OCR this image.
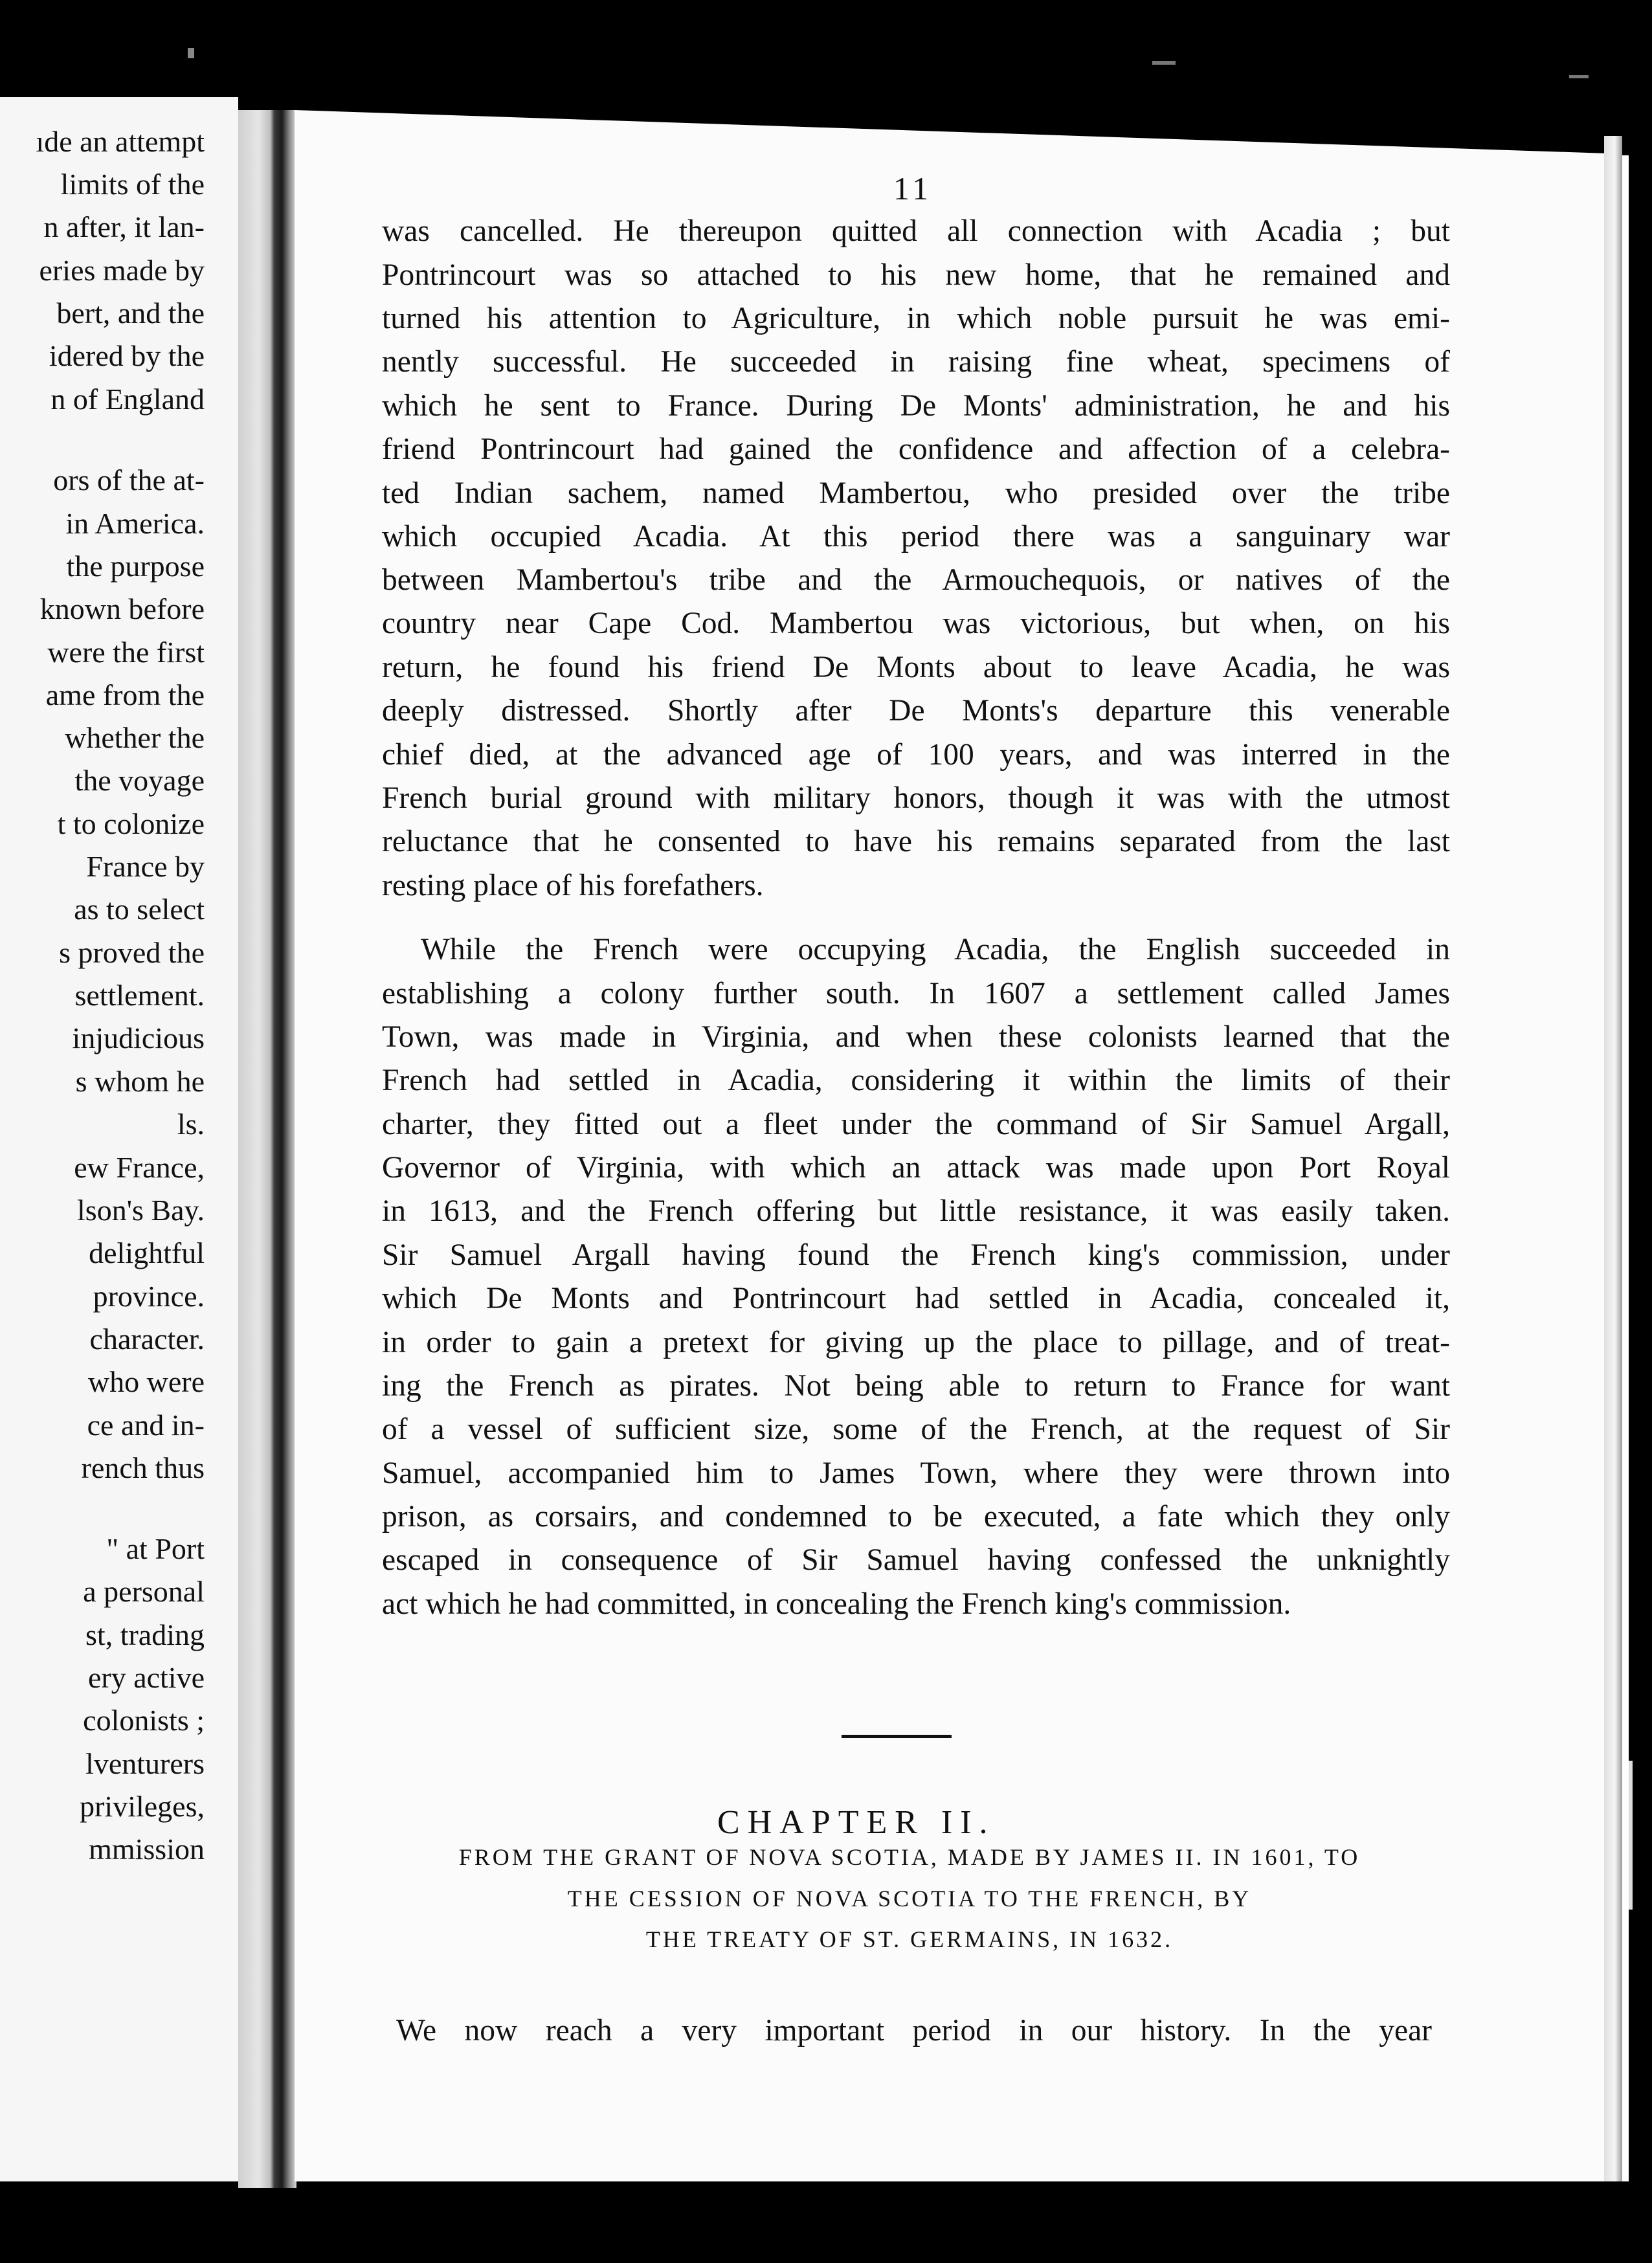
ıde an attempt
limits of the
n after, it lan-
eries made by
bert, and the
idered by the
n of England
ors of the at-
in America.
the purpose
known before
were the first
ame from the
whether the
the voyage
t to colonize
France by
as to select
s proved the
settlement.
injudicious
s whom he
ls.
ew France,
lson's Bay.
delightful
province.
character.
who were
ce and in-
rench thus
" at Port
a personal
st, trading
ery active
colonists ;
lventurers
privileges,
mmission
11
was cancelled. He thereupon quitted all connection with Acadia ; but
Pontrincourt was so attached to his new home, that he remained and
turned his attention to Agriculture, in which noble pursuit he was emi-
nently successful. He succeeded in raising fine wheat, specimens of
which he sent to France. During De Monts' administration, he and his
friend Pontrincourt had gained the confidence and affection of a celebra-
ted Indian sachem, named Mambertou, who presided over the tribe
which occupied Acadia. At this period there was a sanguinary war
between Mambertou's tribe and the Armouchequois, or natives of the
country near Cape Cod. Mambertou was victorious, but when, on his
return, he found his friend De Monts about to leave Acadia, he was
deeply distressed. Shortly after De Monts's departure this venerable
chief died, at the advanced age of 100 years, and was interred in the
French burial ground with military honors, though it was with the utmost
reluctance that he consented to have his remains separated from the last
resting place of his forefathers.
While the French were occupying Acadia, the English succeeded in
establishing a colony further south. In 1607 a settlement called James
Town, was made in Virginia, and when these colonists learned that the
French had settled in Acadia, considering it within the limits of their
charter, they fitted out a fleet under the command of Sir Samuel Argall,
Governor of Virginia, with which an attack was made upon Port Royal
in 1613, and the French offering but little resistance, it was easily taken.
Sir Samuel Argall having found the French king's commission, under
which De Monts and Pontrincourt had settled in Acadia, concealed it,
in order to gain a pretext for giving up the place to pillage, and of treat-
ing the French as pirates. Not being able to return to France for want
of a vessel of sufficient size, some of the French, at the request of Sir
Samuel, accompanied him to James Town, where they were thrown into
prison, as corsairs, and condemned to be executed, a fate which they only
escaped in consequence of Sir Samuel having confessed the unknightly
act which he had committed, in concealing the French king's commission.
We now reach a very important period in our history. In the year
CHAPTER II.
FROM THE GRANT OF NOVA SCOTIA, MADE BY JAMES II. IN 1601, TO
THE CESSION OF NOVA SCOTIA TO THE FRENCH, BY
THE TREATY OF ST. GERMAINS, IN 1632.
